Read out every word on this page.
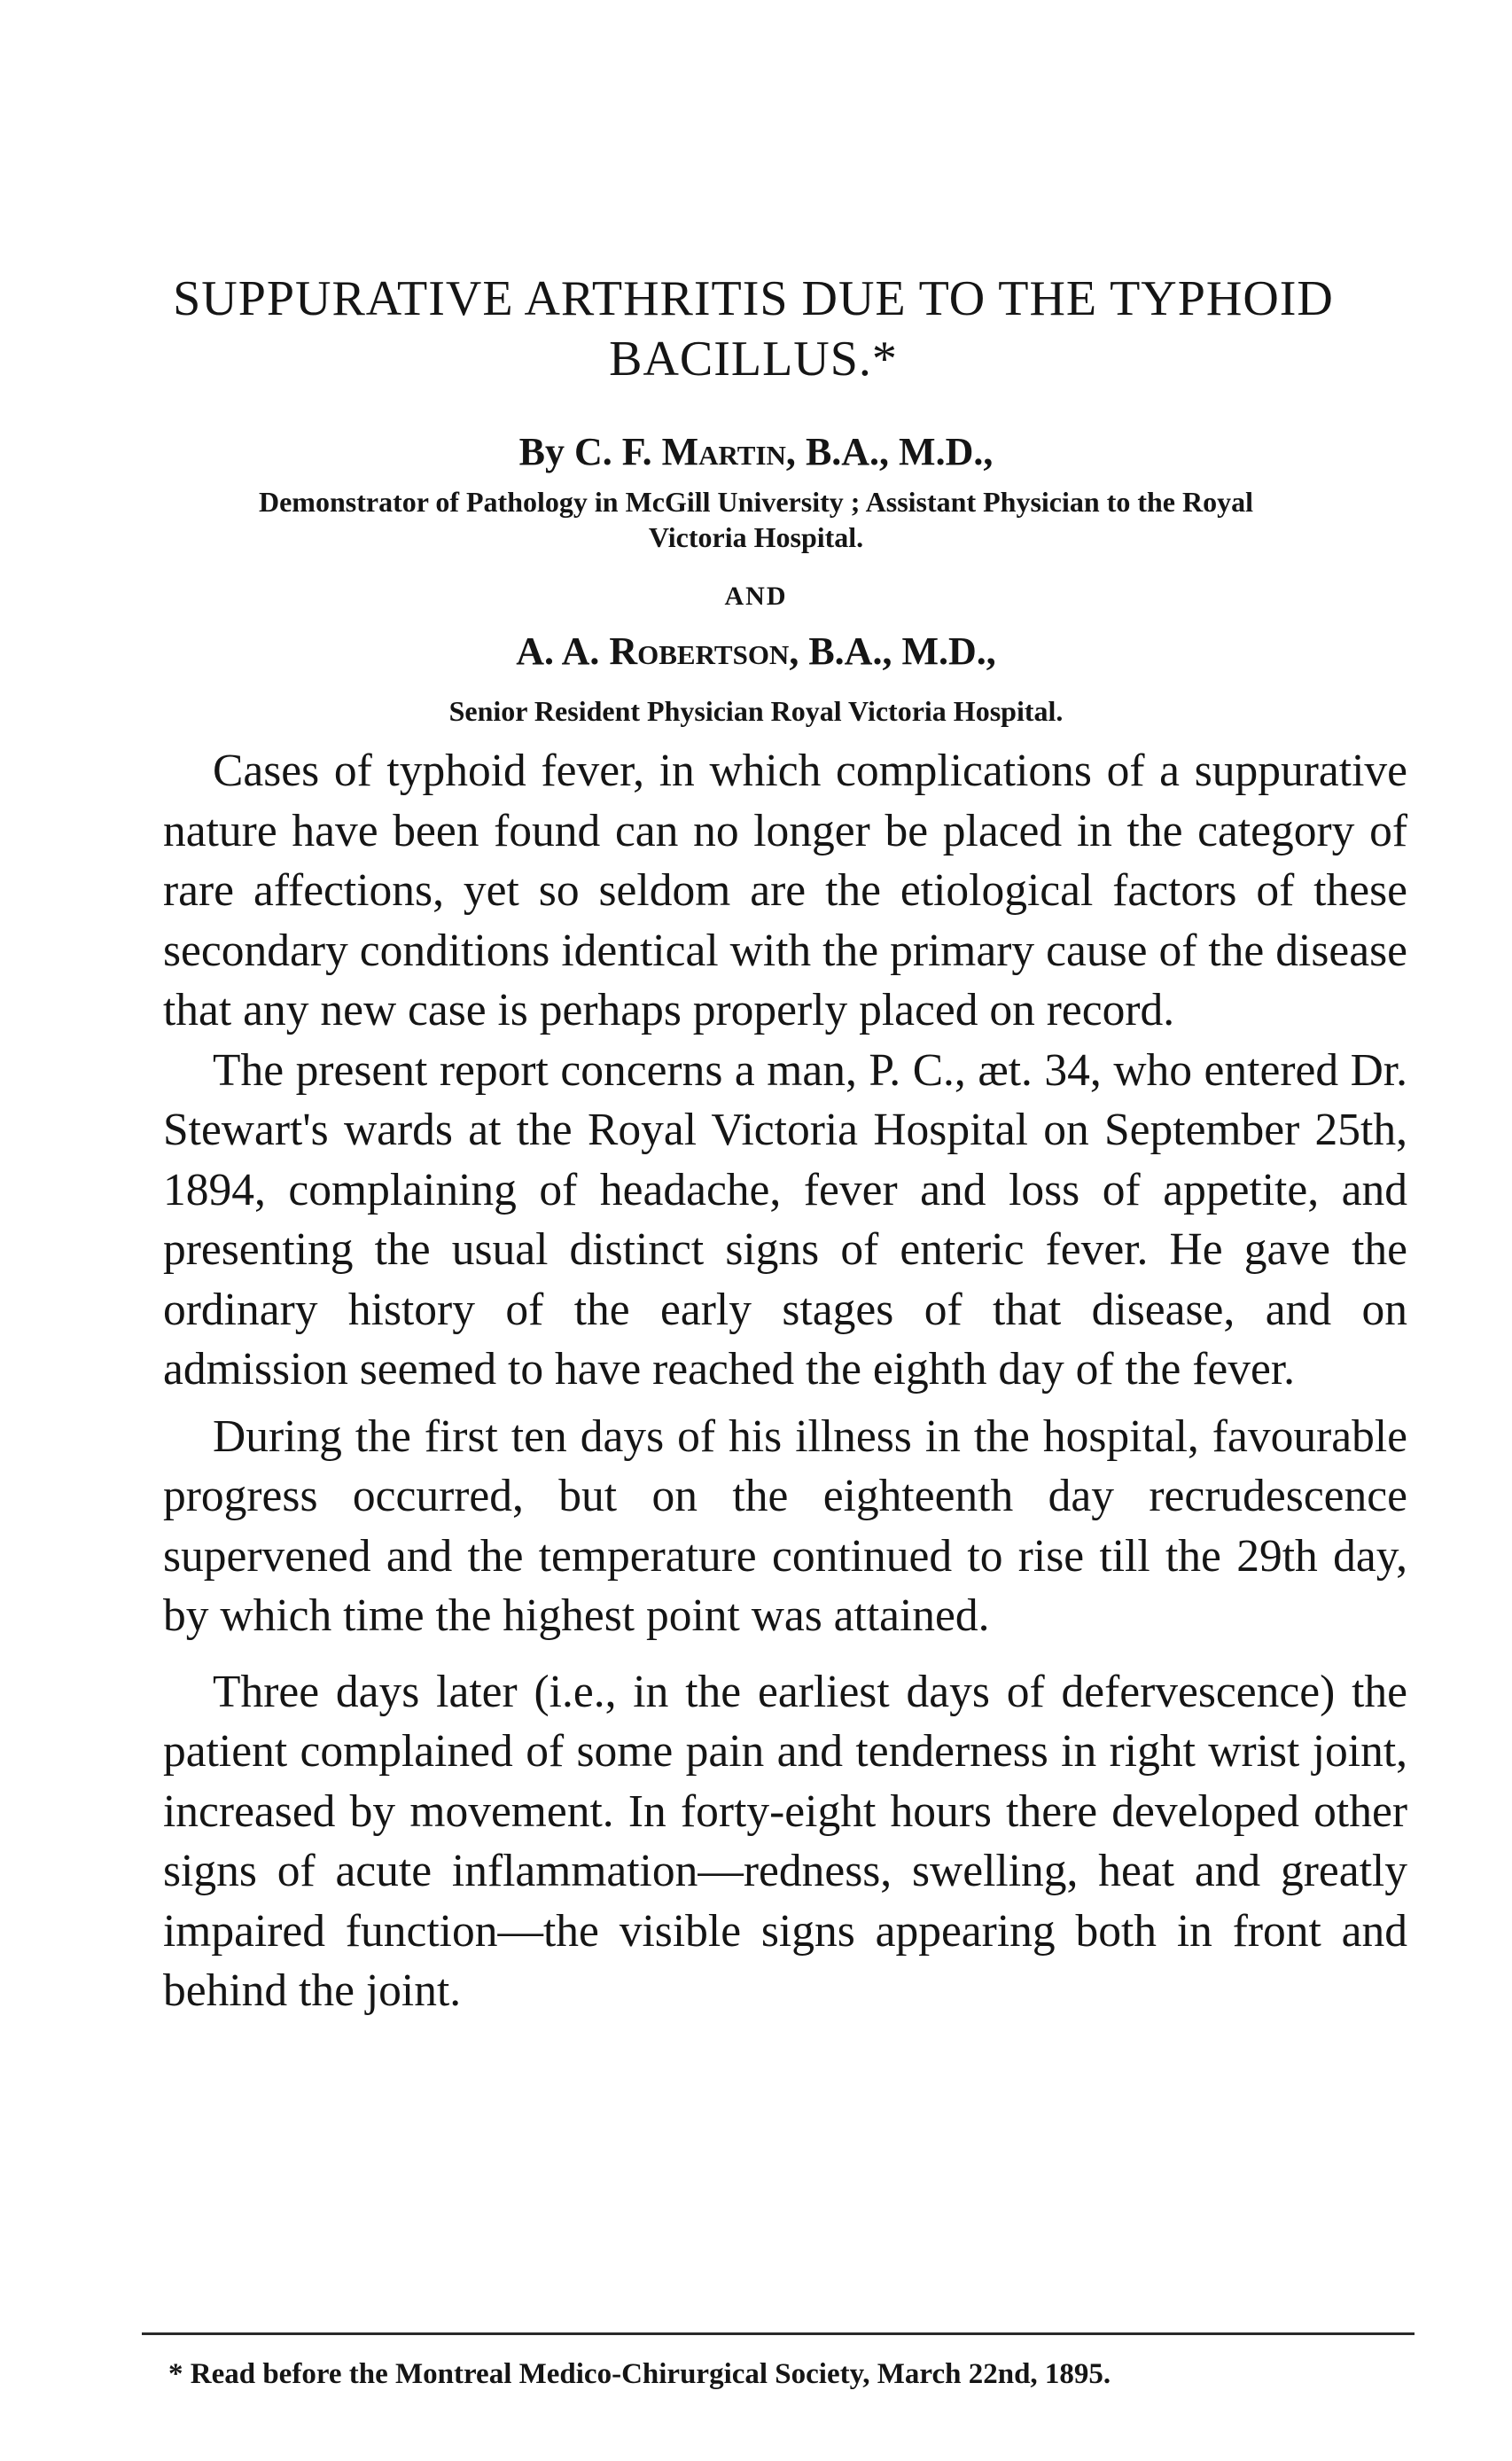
SUPPURATIVE ARTHRITIS DUE TO THE TYPHOID
BACILLUS.*

By C. F. Martin, B.A., M.D.,

Demonstrator of Pathology in McGill University ; Assistant Physician to the Royal

Victoria Hospital.

AND

A. A. Robertson, B.A., M.D.,

Senior Resident Physician Royal Victoria Hospital.

Cases of typhoid fever, in which complications of a suppurative nature have been found can no longer be placed in the category of rare affections, yet so seldom are the etiological factors of these secondary conditions identical with the primary cause of the disease that any new case is perhaps properly placed on record.

The present report concerns a man, P. C., æt. 34, who entered Dr. Stewart's wards at the Royal Victoria Hospital on September 25th, 1894, complaining of headache, fever and loss of appetite, and presenting the usual distinct signs of enteric fever. He gave the ordinary history of the early stages of that disease, and on admission seemed to have reached the eighth day of the fever.

During the first ten days of his illness in the hospital, favourable progress occurred, but on the eighteenth day recrudescence supervened and the temperature continued to rise till the 29th day, by which time the highest point was attained.

Three days later (i.e., in the earliest days of defervescence) the patient complained of some pain and tenderness in right wrist joint, increased by movement. In forty-eight hours there developed other signs of acute inflammation—redness, swelling, heat and greatly impaired function—the visible signs appearing both in front and behind the joint.

* Read before the Montreal Medico-Chirurgical Society, March 22nd, 1895.
